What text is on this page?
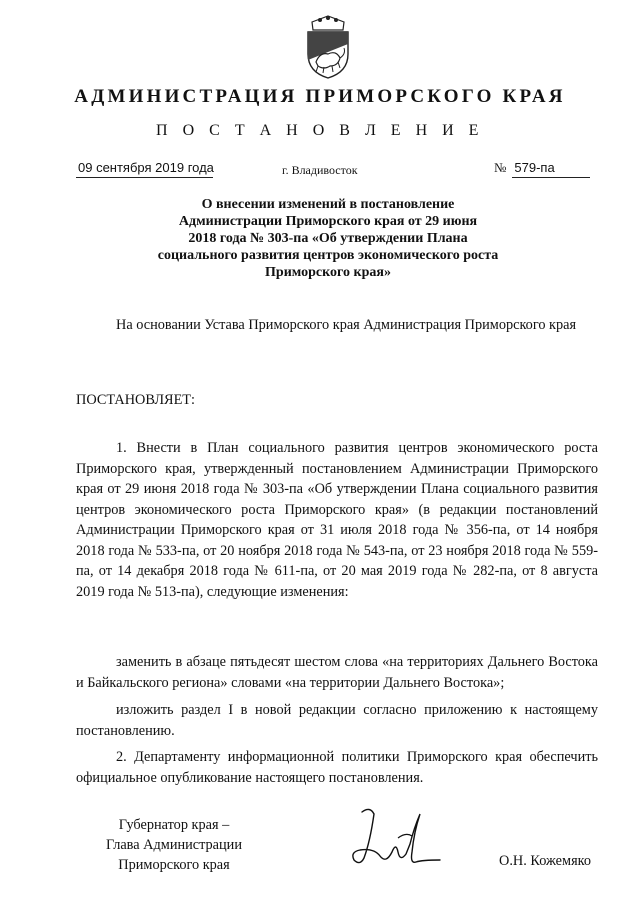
АДМИНИСТРАЦИЯ ПРИМОРСКОГО КРАЯ
П О С Т А Н О В Л Е Н И Е
09 сентября 2019 года	г. Владивосток	№ 579-па
О внесении изменений в постановление
Администрации Приморского края от 29 июня
2018 года № 303-па «Об утверждении Плана
социального развития центров экономического роста
Приморского края»
На основании Устава Приморского края Администрация Приморского края
ПОСТАНОВЛЯЕТ:
1. Внести в План социального развития центров экономического роста Приморского края, утвержденный постановлением Администрации Приморского края от 29 июня 2018 года № 303-па «Об утверждении Плана социального развития центров экономического роста Приморского края» (в редакции постановлений Администрации Приморского края от 31 июля 2018 года № 356-па, от 14 ноября 2018 года № 533-па, от 20 ноября 2018 года № 543-па, от 23 ноября 2018 года № 559-па, от 14 декабря 2018 года № 611-па, от 20 мая 2019 года № 282-па, от 8 августа 2019 года № 513-па), следующие изменения:
заменить в абзаце пятьдесят шестом слова «на территориях Дальнего Востока и Байкальского региона» словами «на территории Дальнего Востока»;
изложить раздел I в новой редакции согласно приложению к настоящему постановлению.
2. Департаменту информационной политики Приморского края обеспечить официальное опубликование настоящего постановления.
Губернатор края –
Глава Администрации
Приморского края	О.Н. Кожемяко
